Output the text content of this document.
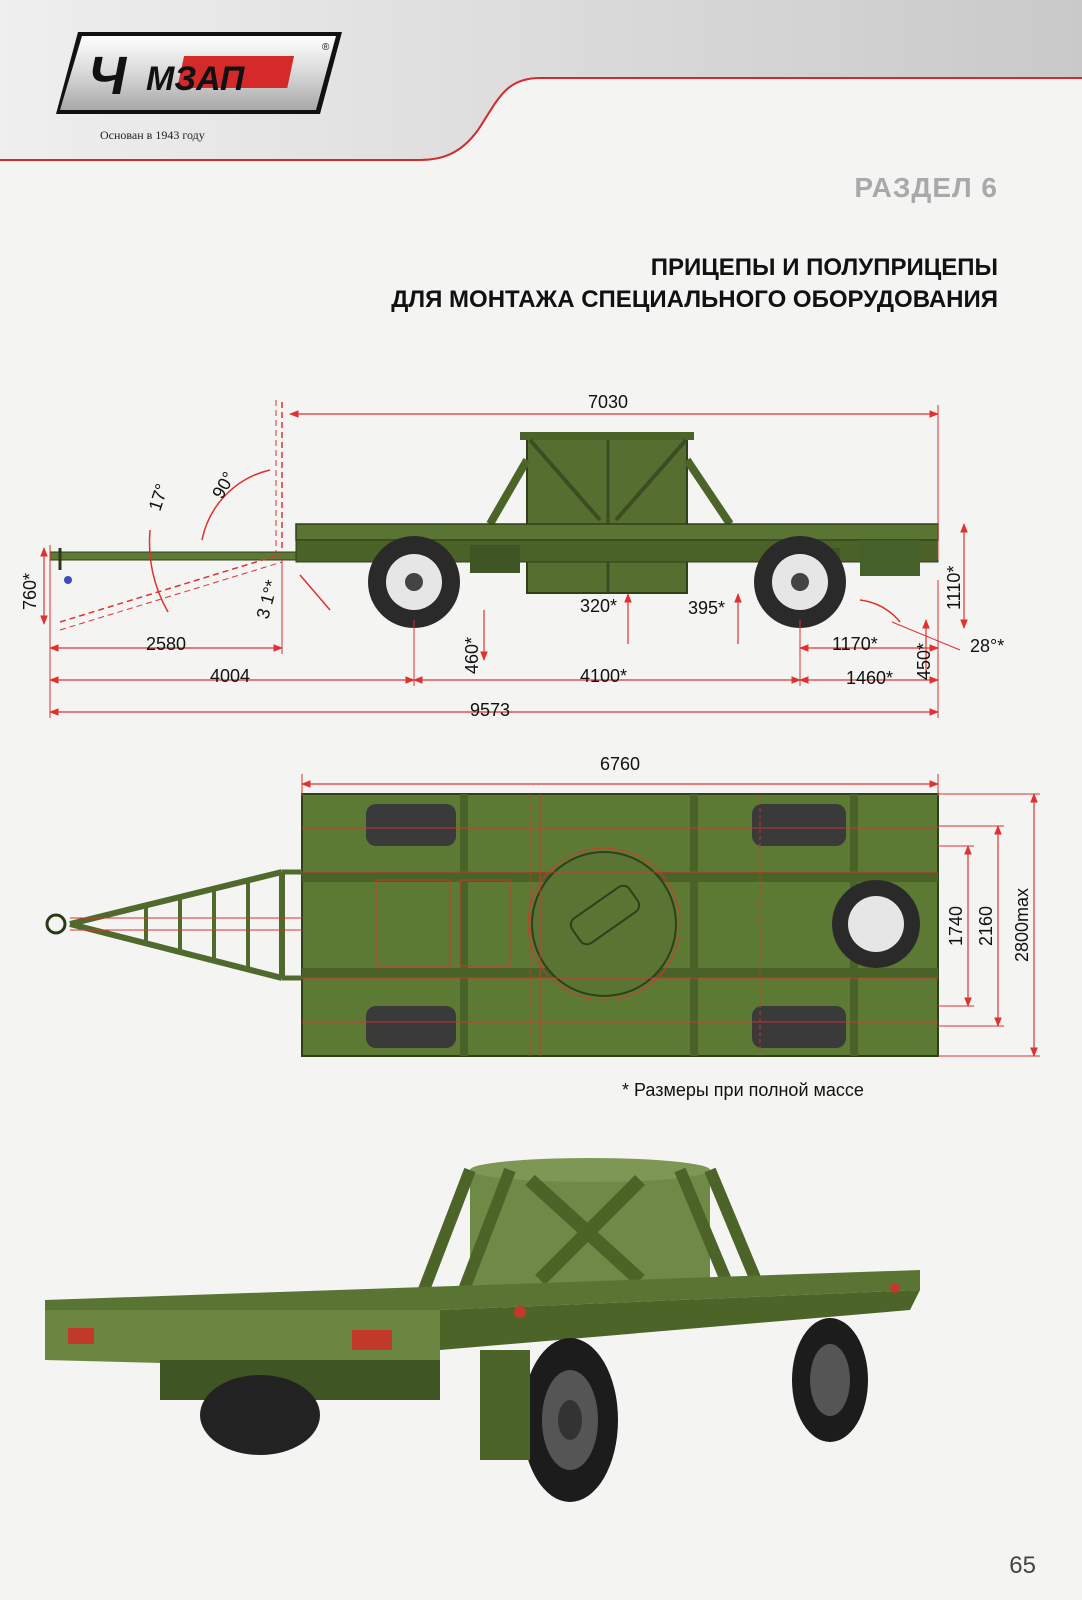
Ч МЗАП
®
Основан в 1943 году
РАЗДЕЛ 6
ПРИЦЕПЫ И ПОЛУПРИЦЕПЫ
ДЛЯ МОНТАЖА СПЕЦИАЛЬНОГО ОБОРУДОВАНИЯ
7030
17° 90°
760*	3 1°*
2580
4004
460*
320*	395*
4100*
1110*
1170* 450* 28°*
1460*
9573
6760
1740 2160 2800max
* Размеры при полной массе
65
